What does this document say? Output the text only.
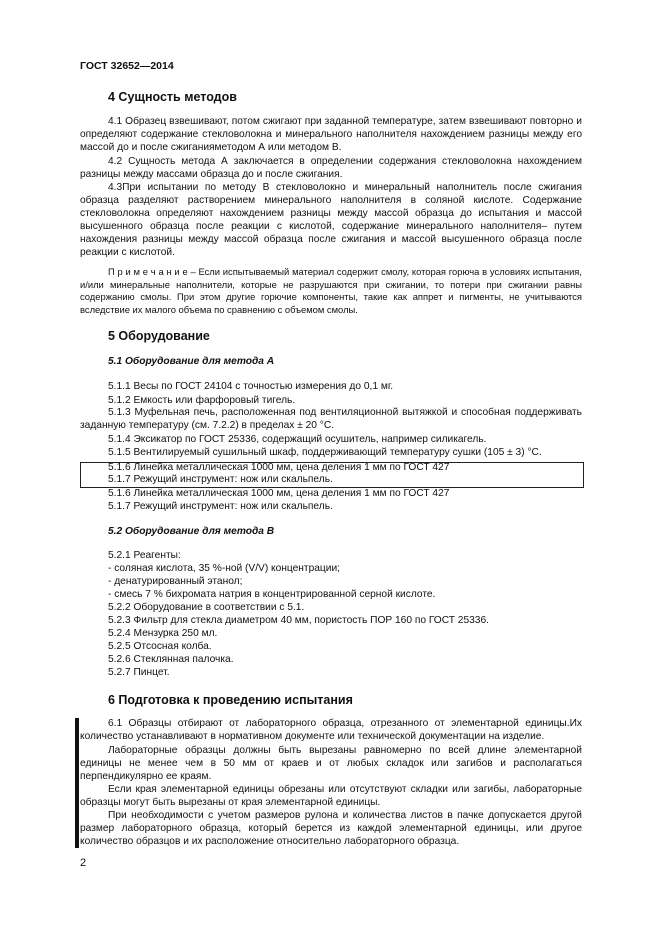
ГОСТ 32652—2014
4 Сущность методов
4.1 Образец взвешивают, потом сжигают при заданной температуре, затем взвешивают повторно и определяют содержание стекловолокна и минерального наполнителя нахождением разницы между его массой до и после сжиганияметодом А или методом В.
4.2 Сущность метода А заключается в определении содержания стекловолокна нахождением разницы между массами образца до и после сжигания.
4.3При испытании по методу В стекловолокно и минеральный наполнитель после сжигания образца разделяют растворением минерального наполнителя в соляной кислоте. Содержание стекловолокна определяют нахождением разницы между массой образца до испытания и массой высушенного образца после реакции с кислотой, содержание минерального наполнителя– путем нахождения разницы между массой образца после сжигания и массой высушенного образца после реакции с кислотой.
П р и м е ч а н и е – Если испытываемый материал содержит смолу, которая горюча в условиях испытания, и/или минеральные наполнители, которые не разрушаются при сжигании, то потери при сжигании равны содержанию смолы. При этом другие горючие компоненты, такие как аппрет и пигменты, не учитываются вследствие их малого объема по сравнению с объемом смолы.
5 Оборудование
5.1 Оборудование для метода А
5.1.1 Весы по ГОСТ 24104 с точностью измерения до 0,1 мг.
5.1.2 Емкость или фарфоровый тигель.
5.1.3 Муфельная печь, расположенная под вентиляционной вытяжкой и способная поддерживать заданную температуру (см. 7.2.2) в пределах ± 20 °С.
5.1.4 Эксикатор по ГОСТ 25336, содержащий осушитель, например силикагель.
5.1.5 Вентилируемый сушильный шкаф, поддерживающий температуру сушки (105 ± 3) °С.
5.1.6 Линейка металлическая 1000 мм, цена деления 1 мм по ГОСТ 427
5.1.7 Режущий инструмент: нож или скальпель.
5.1.6 Линейка металлическая 1000 мм, цена деления 1 мм по ГОСТ 427
5.1.7 Режущий инструмент: нож или скальпель.
5.2 Оборудование для метода В
5.2.1 Реагенты:
- соляная кислота, 35 %-ной (V/V) концентрации;
- денатурированный этанол;
- смесь 7 % бихромата натрия в концентрированной серной кислоте.
5.2.2 Оборудование в соответствии с 5.1.
5.2.3 Фильтр для стекла диаметром 40 мм, пористость ПОР 160 по ГОСТ 25336.
5.2.4 Мензурка 250 мл.
5.2.5 Отсосная колба.
5.2.6 Стеклянная палочка.
5.2.7 Пинцет.
6 Подготовка к проведению испытания
6.1 Образцы отбирают от лабораторного образца, отрезанного от элементарной единицы.Их количество устанавливают в нормативном документе или технической документации на изделие.
Лабораторные образцы должны быть вырезаны равномерно по всей длине элементарной единицы не менее чем в 50 мм от краев и от любых складок или загибов и располагаться перпендикулярно ее краям.
Если края элементарной единицы обрезаны или отсутствуют складки или загибы, лабораторные образцы могут быть вырезаны от края элементарной единицы.
При необходимости с учетом размеров рулона и количества листов в пачке допускается другой размер лабораторного образца, который берется из каждой элементарной единицы, или другое количество образцов и их расположение относительно лабораторного образца.
2
